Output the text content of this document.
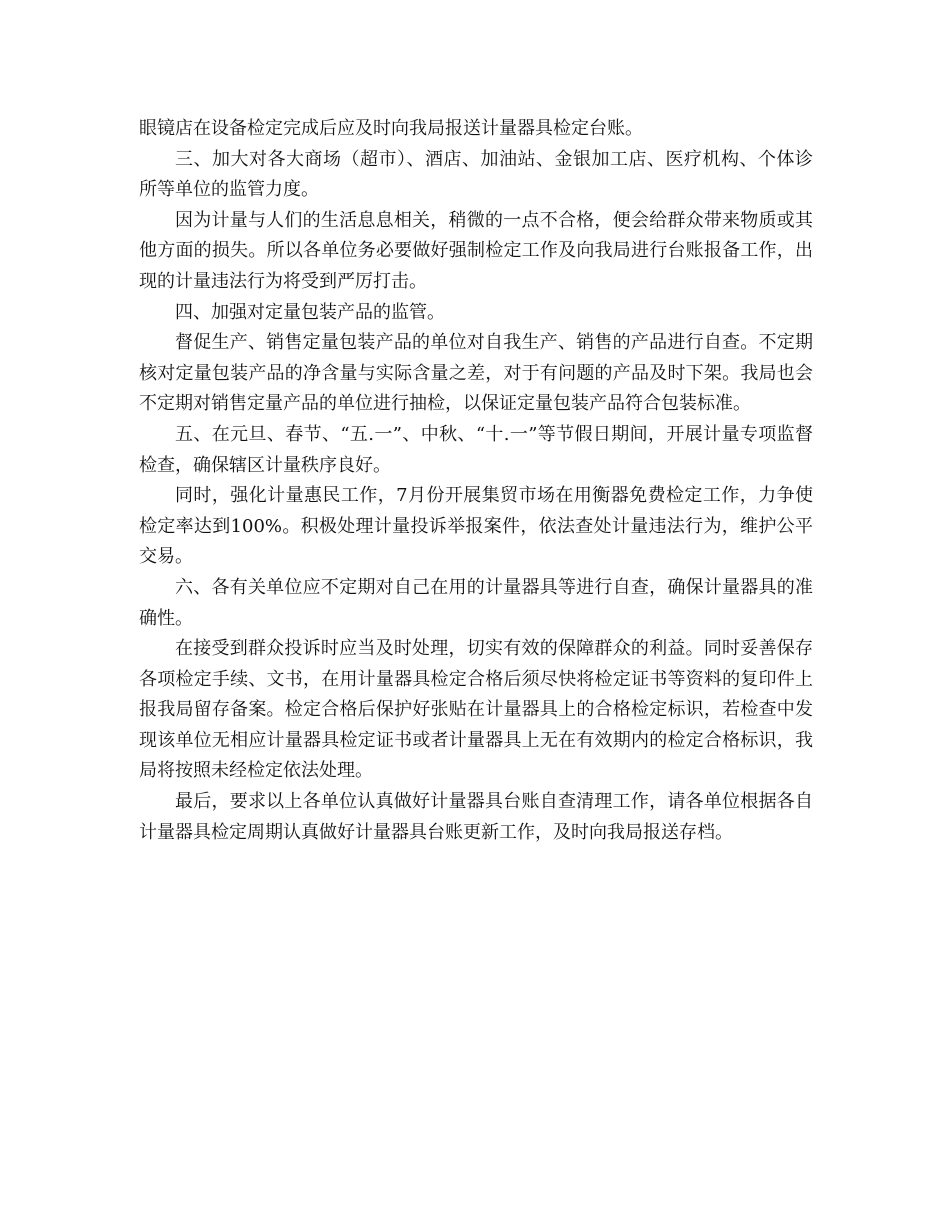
眼镜店在设备检定完成后应及时向我局报送计量器具检定台账。

三、加大对各大商场（超市）、酒店、加油站、金银加工店、医疗机构、个体诊所等单位的监管力度。

因为计量与人们的生活息息相关，稍微的一点不合格，便会给群众带来物质或其他方面的损失。所以各单位务必要做好强制检定工作及向我局进行台账报备工作，出现的计量违法行为将受到严厉打击。

四、加强对定量包装产品的监管。

督促生产、销售定量包装产品的单位对自我生产、销售的产品进行自查。不定期核对定量包装产品的净含量与实际含量之差，对于有问题的产品及时下架。我局也会不定期对销售定量产品的单位进行抽检，以保证定量包装产品符合包装标准。

五、在元旦、春节、“五.一”、中秋、“十.一”等节假日期间，开展计量专项监督检查，确保辖区计量秩序良好。

同时，强化计量惠民工作，7月份开展集贸市场在用衡器免费检定工作，力争使检定率达到100%。积极处理计量投诉举报案件，依法查处计量违法行为，维护公平交易。

六、各有关单位应不定期对自己在用的计量器具等进行自查，确保计量器具的准确性。

在接受到群众投诉时应当及时处理，切实有效的保障群众的利益。同时妥善保存各项检定手续、文书，在用计量器具检定合格后须尽快将检定证书等资料的复印件上报我局留存备案。检定合格后保护好张贴在计量器具上的合格检定标识，若检查中发现该单位无相应计量器具检定证书或者计量器具上无在有效期内的检定合格标识，我局将按照未经检定依法处理。

最后，要求以上各单位认真做好计量器具台账自查清理工作，请各单位根据各自计量器具检定周期认真做好计量器具台账更新工作，及时向我局报送存档。
